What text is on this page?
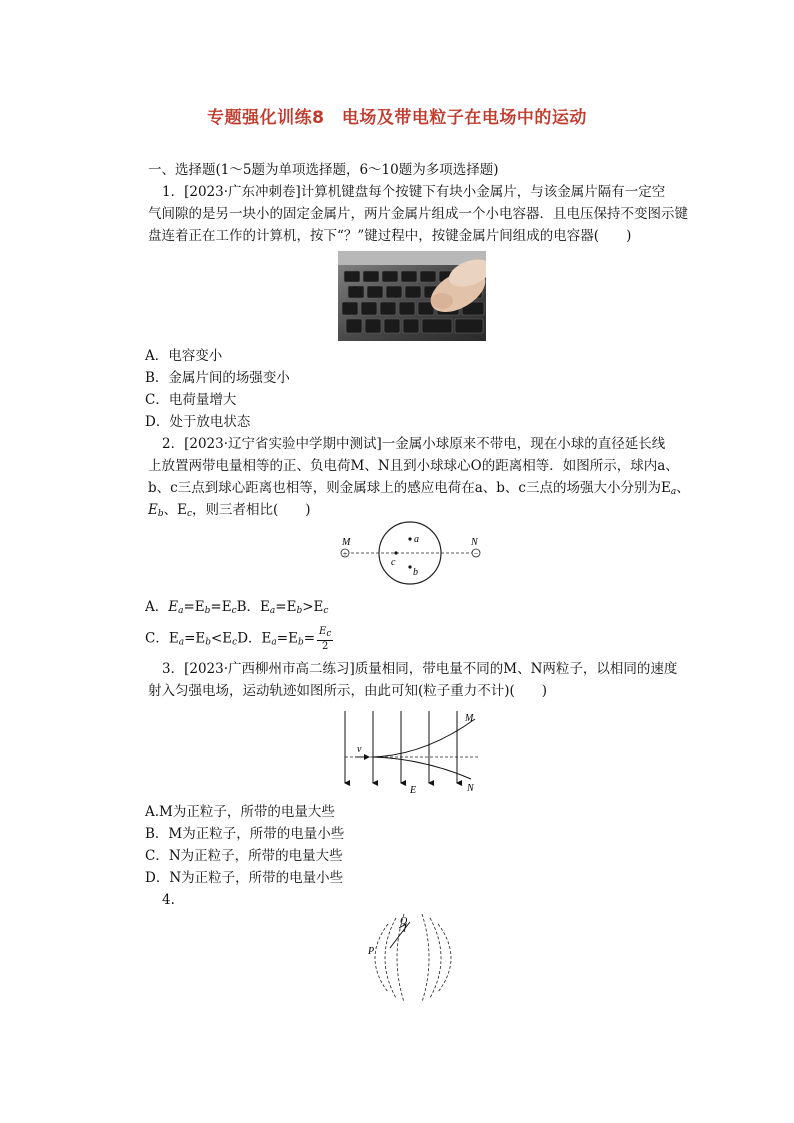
专题强化训练8　电场及带电粒子在电场中的运动
一、选择题(1～5题为单项选择题，6～10题为多项选择题)
1．[2023·广东冲刺卷]计算机键盘每个按键下有块小金属片，与该金属片隔有一定空
气间隙的是另一块小的固定金属片，两片金属片组成一个小电容器．且电压保持不变图示键
盘连着正在工作的计算机，按下“？”键过程中，按键金属片间组成的电容器(　　)
A．电容变小
B．金属片间的场强变小
C．电荷量增大
D．处于放电状态
2．[2023·辽宁省实验中学期中测试]一金属小球原来不带电，现在小球的直径延长线
上放置两带电量相等的正、负电荷M、N且到小球球心O的距离相等．如图所示，球内a、
b、c三点到球心距离也相等，则金属球上的感应电荷在a、b、c三点的场强大小分别为$E_a$、
$E_b$、$E_c$，则三者相比(　　)
+	−
M	N
a
b
c
A．$E_a=E_b=E_cB$．$E_a=E_b>E_c$
C．$E_a=E_b<E_cD$．$E_a=E_b= \frac{Ec}{2}$
3．[2023·广西柳州市高二练习]质量相同，带电量不同的M、N两粒子，以相同的速度
射入匀强电场，运动轨迹如图所示，由此可知(粒子重力不计)(　　)
v
M
N
E
A.M为正粒子，所带的电量大些
B．M为正粒子，所带的电量小些
C．N为正粒子，所带的电量大些
D．N为正粒子，所带的电量小些
4.
Q
P
